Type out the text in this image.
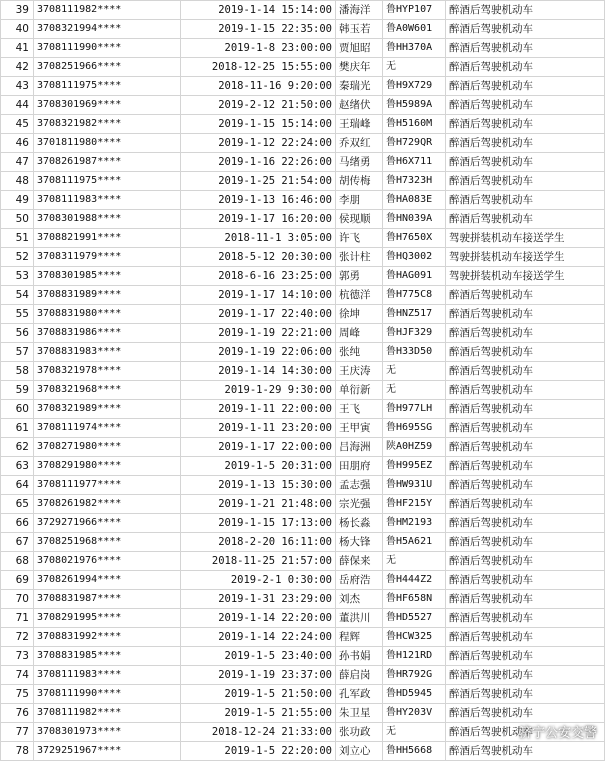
39	3708111982****	2019-1-14 15:14:00	潘海洋	鲁HYP107	醉酒后驾驶机动车
40	3708321994****	2019-1-15 22:35:00	韩玉若	鲁A0W601	醉酒后驾驶机动车
41	3708111990****	2019-1-8 23:00:00	贾旭昭	鲁HH370A	醉酒后驾驶机动车
42	3708251966****	2018-12-25 15:55:00	樊庆年	无	醉酒后驾驶机动车
43	3708111975****	2018-11-16 9:20:00	秦瑞光	鲁H9X729	醉酒后驾驶机动车
44	3708301969****	2019-2-12 21:50:00	赵绪伏	鲁H5989A	醉酒后驾驶机动车
45	3708321982****	2019-1-15 15:14:00	王瑞峰	鲁H5160M	醉酒后驾驶机动车
46	3701811980****	2019-1-12 22:24:00	乔双红	鲁H729QR	醉酒后驾驶机动车
47	3708261987****	2019-1-16 22:26:00	马绪勇	鲁H6X711	醉酒后驾驶机动车
48	3708111975****	2019-1-25 21:54:00	胡传梅	鲁H7323H	醉酒后驾驶机动车
49	3708111983****	2019-1-13 16:46:00	李朋	鲁HA083E	醉酒后驾驶机动车
50	3708301988****	2019-1-17 16:20:00	侯现顺	鲁HN039A	醉酒后驾驶机动车
51	3708821991****	2018-11-1 3:05:00	许飞	鲁H7650X	驾驶拼装机动车接送学生
52	3708311979****	2018-5-12 20:30:00	张计柱	鲁HQ3002	驾驶拼装机动车接送学生
53	3708301985****	2018-6-16 23:25:00	郭勇	鲁HAG091	驾驶拼装机动车接送学生
54	3708831989****	2019-1-17 14:10:00	杭德洋	鲁H775C8	醉酒后驾驶机动车
55	3708831980****	2019-1-17 22:40:00	徐坤	鲁HNZ517	醉酒后驾驶机动车
56	3708831986****	2019-1-19 22:21:00	周峰	鲁HJF329	醉酒后驾驶机动车
57	3708831983****	2019-1-19 22:06:00	张纯	鲁H33D50	醉酒后驾驶机动车
58	3708321978****	2019-1-14 14:30:00	王庆涛	无	醉酒后驾驶机动车
59	3708321968****	2019-1-29 9:30:00	单衍新	无	醉酒后驾驶机动车
60	3708321989****	2019-1-11 22:00:00	王飞	鲁H977LH	醉酒后驾驶机动车
61	3708111974****	2019-1-11 23:20:00	王甲寅	鲁H695SG	醉酒后驾驶机动车
62	3708271980****	2019-1-17 22:00:00	吕海洲	陕A0HZ59	醉酒后驾驶机动车
63	3708291980****	2019-1-5 20:31:00	田朋府	鲁H995EZ	醉酒后驾驶机动车
64	3708111977****	2019-1-13 15:30:00	孟志强	鲁HW931U	醉酒后驾驶机动车
65	3708261982****	2019-1-21 21:48:00	宗光强	鲁HF215Y	醉酒后驾驶机动车
66	3729271966****	2019-1-15 17:13:00	杨长淼	鲁HM2193	醉酒后驾驶机动车
67	3708251968****	2018-2-20 16:11:00	杨大锋	鲁H5A621	醉酒后驾驶机动车
68	3708021976****	2018-11-25 21:57:00	薛保来	无	醉酒后驾驶机动车
69	3708261994****	2019-2-1 0:30:00	岳府浩	鲁H444Z2	醉酒后驾驶机动车
70	3708831987****	2019-1-31 23:29:00	刘杰	鲁HF658N	醉酒后驾驶机动车
71	3708291995****	2019-1-14 22:20:00	董洪川	鲁HD5527	醉酒后驾驶机动车
72	3708831992****	2019-1-14 22:24:00	程辉	鲁HCW325	醉酒后驾驶机动车
73	3708831985****	2019-1-5 23:40:00	孙书娟	鲁H121RD	醉酒后驾驶机动车
74	3708111983****	2019-1-19 23:37:00	薛启岗	鲁HR792G	醉酒后驾驶机动车
75	3708111990****	2019-1-5 21:50:00	孔军政	鲁HD5945	醉酒后驾驶机动车
76	3708111982****	2019-1-5 21:55:00	朱卫星	鲁HY203V	醉酒后驾驶机动车
77	3708301973****	2018-12-24 21:33:00	张功政	无	醉酒后驾驶机动车
78	3729251967****	2019-1-5 22:20:00	刘立心	鲁HH5668	醉酒后驾驶机动车
济宁公安交警
